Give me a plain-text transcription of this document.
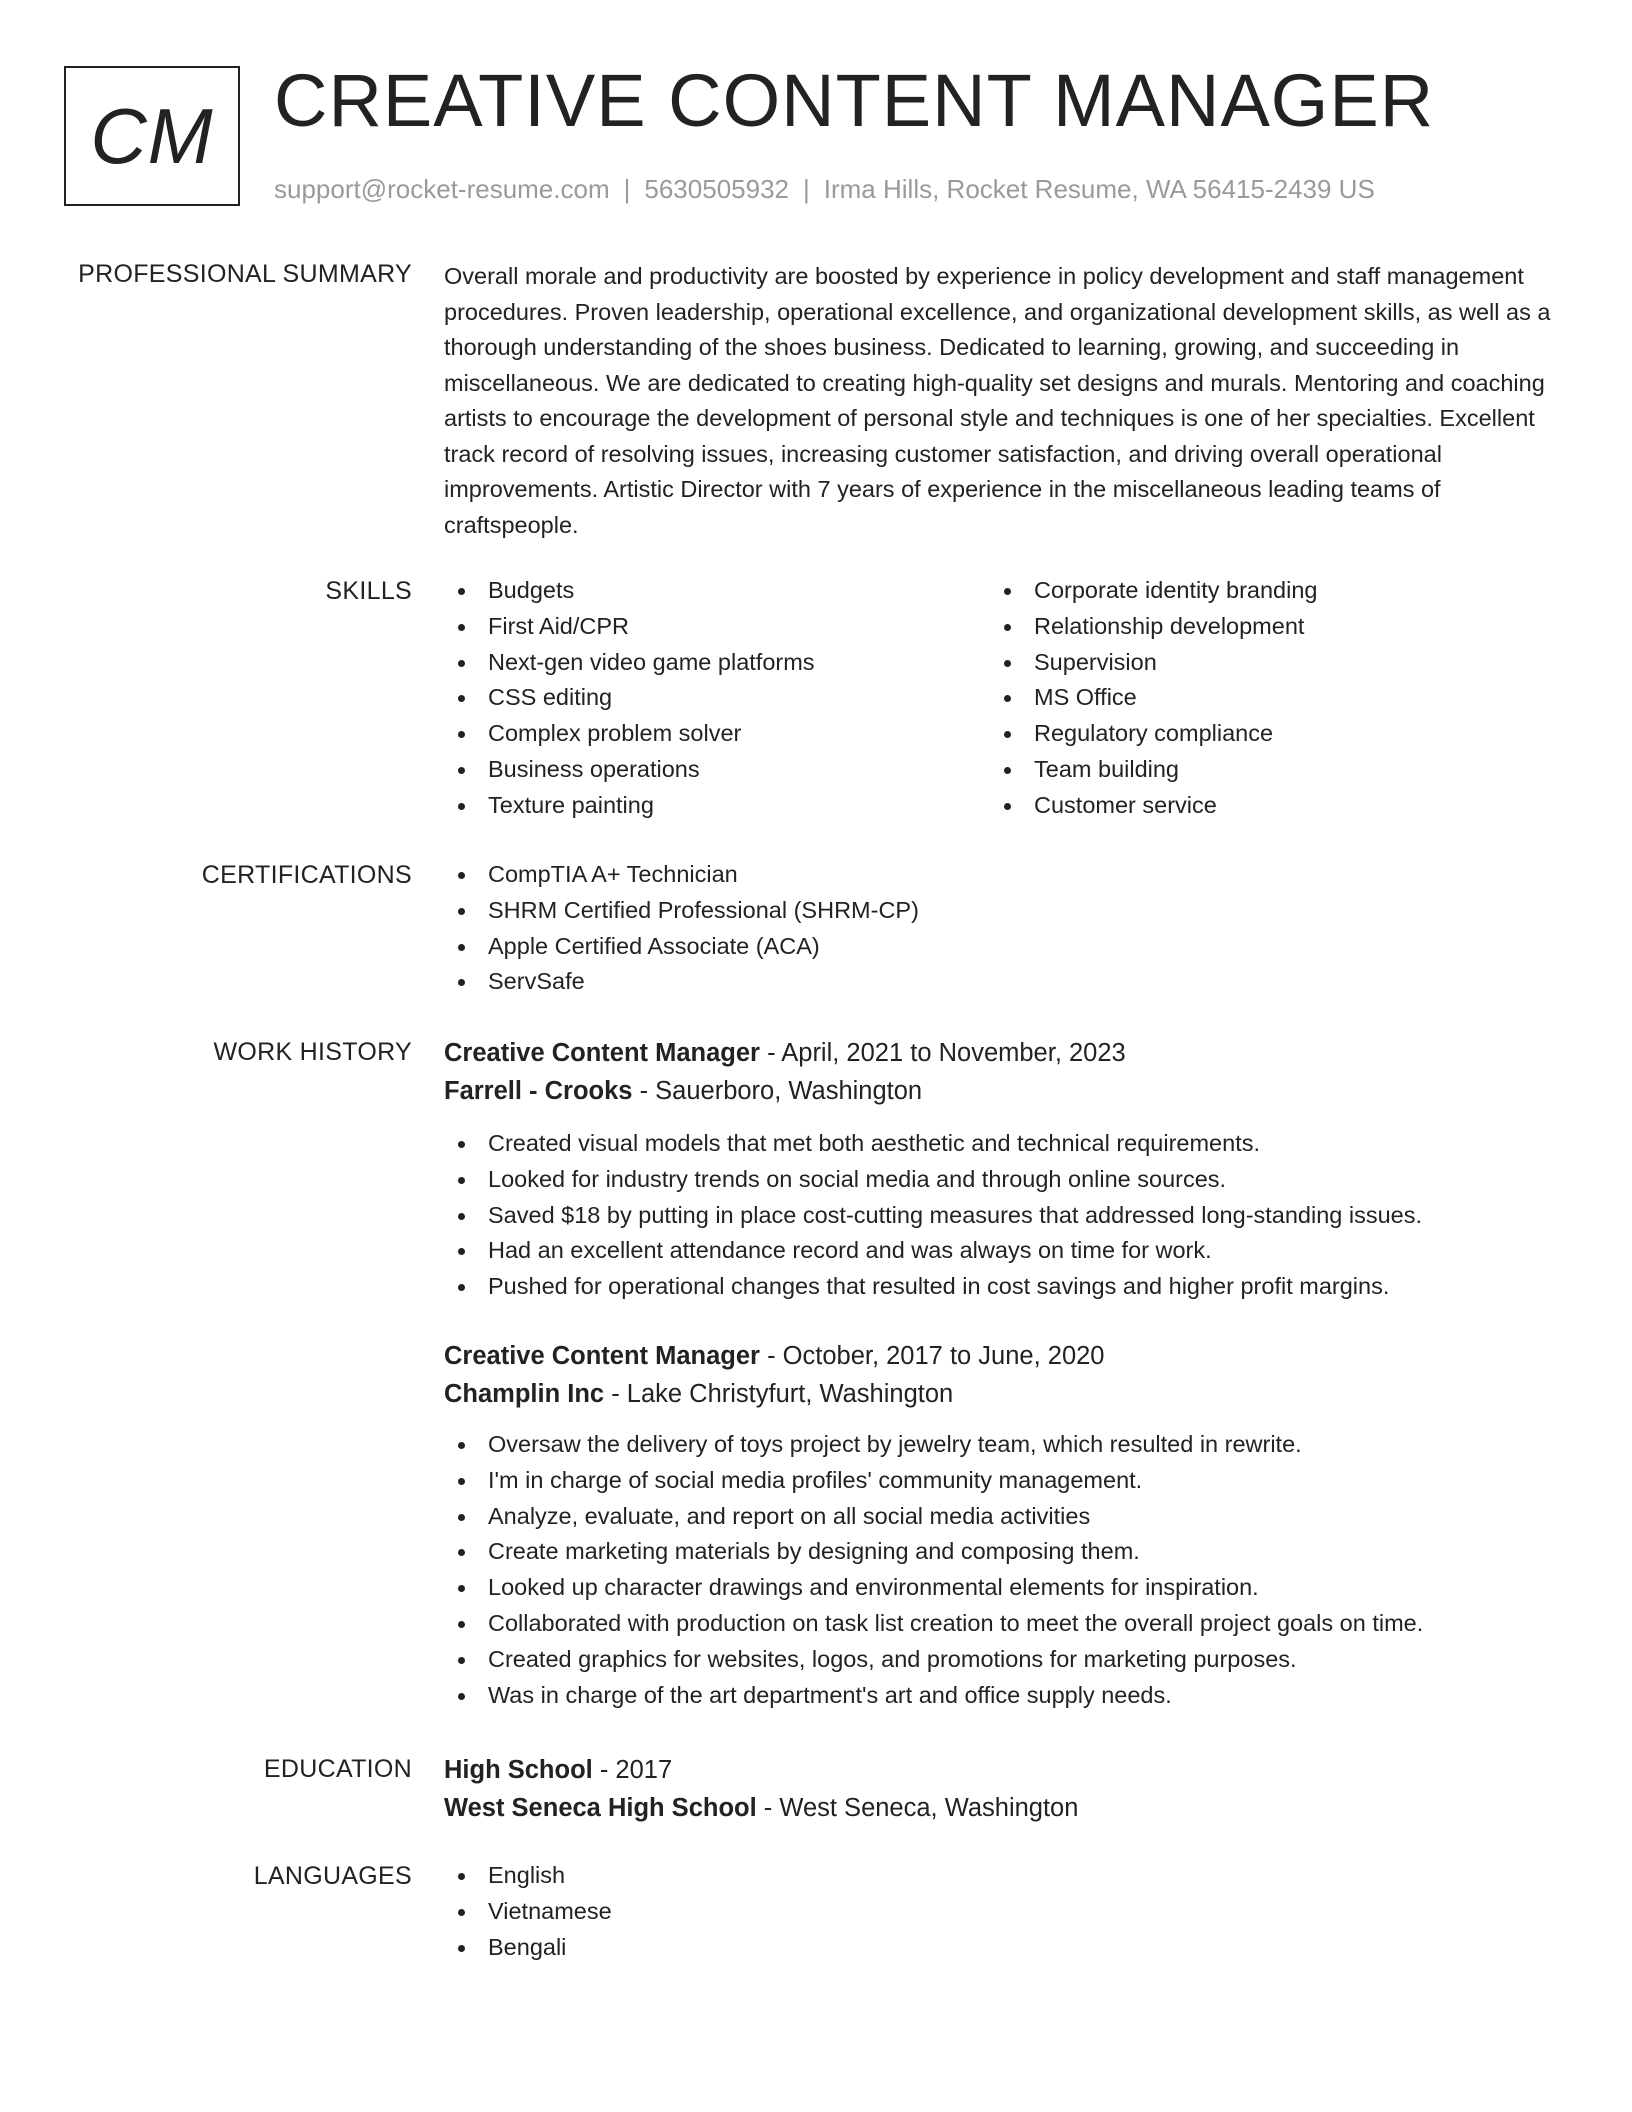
CM CREATIVE CONTENT MANAGER
support@rocket-resume.com | 5630505932 | Irma Hills, Rocket Resume, WA 56415-2439 US
PROFESSIONAL SUMMARY Overall morale and productivity are boosted by experience in policy development and staff management procedures. Proven leadership, operational excellence, and organizational development skills, as well as a thorough understanding of the shoes business. Dedicated to learning, growing, and succeeding in miscellaneous. We are dedicated to creating high-quality set designs and murals. Mentoring and coaching artists to encourage the development of personal style and techniques is one of her specialties. Excellent track record of resolving issues, increasing customer satisfaction, and driving overall operational improvements. Artistic Director with 7 years of experience in the miscellaneous leading teams of craftspeople.

SKILLS	Budgets
First Aid/CPR
Next-gen video game platforms
CSS editing
Complex problem solver
Business operations
Texture painting
Corporate identity branding
Relationship development
Supervision
MS Office
Regulatory compliance
Team building
Customer service
CERTIFICATIONS	CompTIA A+ Technician
SHRM Certified Professional (SHRM-CP)
Apple Certified Associate (ACA)
ServSafe
WORK HISTORY Creative Content Manager - April, 2021 to November, 2023
Farrell - Crooks - Sauerboro, Washington
Created visual models that met both aesthetic and technical requirements.
Looked for industry trends on social media and through online sources.
Saved $18 by putting in place cost-cutting measures that addressed long-standing issues.
Had an excellent attendance record and was always on time for work.
Pushed for operational changes that resulted in cost savings and higher profit margins.
Creative Content Manager - October, 2017 to June, 2020
Champlin Inc - Lake Christyfurt, Washington
Oversaw the delivery of toys project by jewelry team, which resulted in rewrite.
I'm in charge of social media profiles' community management.
Analyze, evaluate, and report on all social media activities
Create marketing materials by designing and composing them.
Looked up character drawings and environmental elements for inspiration.
Collaborated with production on task list creation to meet the overall project goals on time.
Created graphics for websites, logos, and promotions for marketing purposes.
Was in charge of the art department's art and office supply needs.
EDUCATION High School - 2017
West Seneca High School - West Seneca, Washington
LANGUAGES	English
Vietnamese
Bengali
